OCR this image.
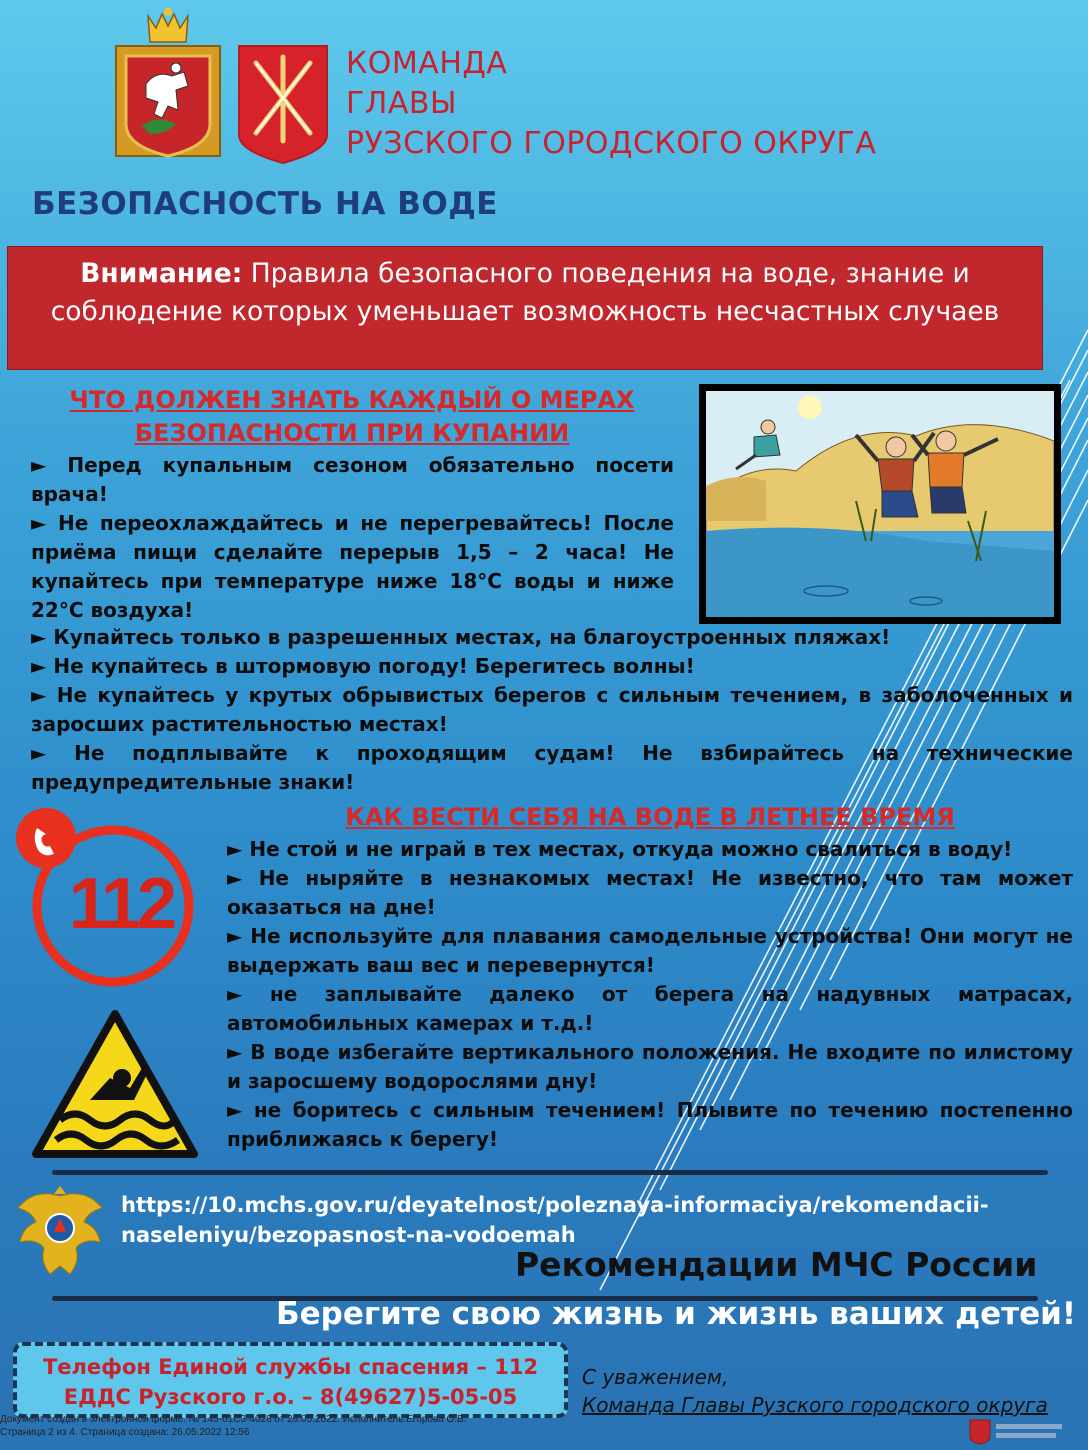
КОМАНДА
ГЛАВЫ
РУЗСКОГО ГОРОДСКОГО ОКРУГА
БЕЗОПАСНОСТЬ НА ВОДЕ
Внимание: Правила безопасного поведения на воде, знание и соблюдение которых уменьшает возможность несчастных случаев
ЧТО ДОЛЖЕН ЗНАТЬ КАЖДЫЙ О МЕРАХ
БЕЗОПАСНОСТИ ПРИ КУПАНИИ

► Перед купальным сезоном обязательно посети врача!

► Не переохлаждайтесь и не перегревайтесь! После приёма пищи сделайте перерыв 1,5 – 2 часа! Не купайтесь при температуре ниже 18°С воды и ниже 22°С воздуха!

► Купайтесь только в разрешенных местах, на благоустроенных пляжах!

► Не купайтесь в штормовую погоду! Берегитесь волны!

► Не купайтесь у крутых обрывистых берегов с сильным течением, в заболоченных и заросших растительностью местах!

► Не подплывайте к проходящим судам! Не взбирайтесь на технические предупредительные знаки!

112
КАК ВЕСТИ СЕБЯ НА ВОДЕ В ЛЕТНЕЕ ВРЕМЯ

► Не стой и не играй в тех местах, откуда можно свалиться в воду!

► Не ныряйте в незнакомых местах! Не известно, что там может оказаться на дне!

► Не используйте для плавания самодельные устройства! Они могут не выдержать ваш вес и перевернутся!

► не заплывайте далеко от берега на надувных матрасах, автомобильных камерах и т.д.!

► В воде избегайте вертикального положения. Не входите по илистому и заросшему водорослями дну!

► не боритесь с сильным течением! Плывите по течению постепенно приближаясь к берегу!

https://10.mchs.gov.ru/deyatelnost/poleznaya-informaciya/rekomendacii-
naseleniyu/bezopasnost-na-vodoemah
Рекомендации МЧС России
Берегите свою жизнь и жизнь ваших детей!
Телефон Единой службы спасения – 112
ЕДДС Рузского г.о. – 8(49627)5-05-05
С уважением,
Команда Главы Рузского городского округа
Документ создан в электронной форме. № 145-01С3-4028 от 26.05.2022. Исполнитель:Егорова О.В.
Страница 2 из 4. Страница создана: 26.05.2022 12:56
